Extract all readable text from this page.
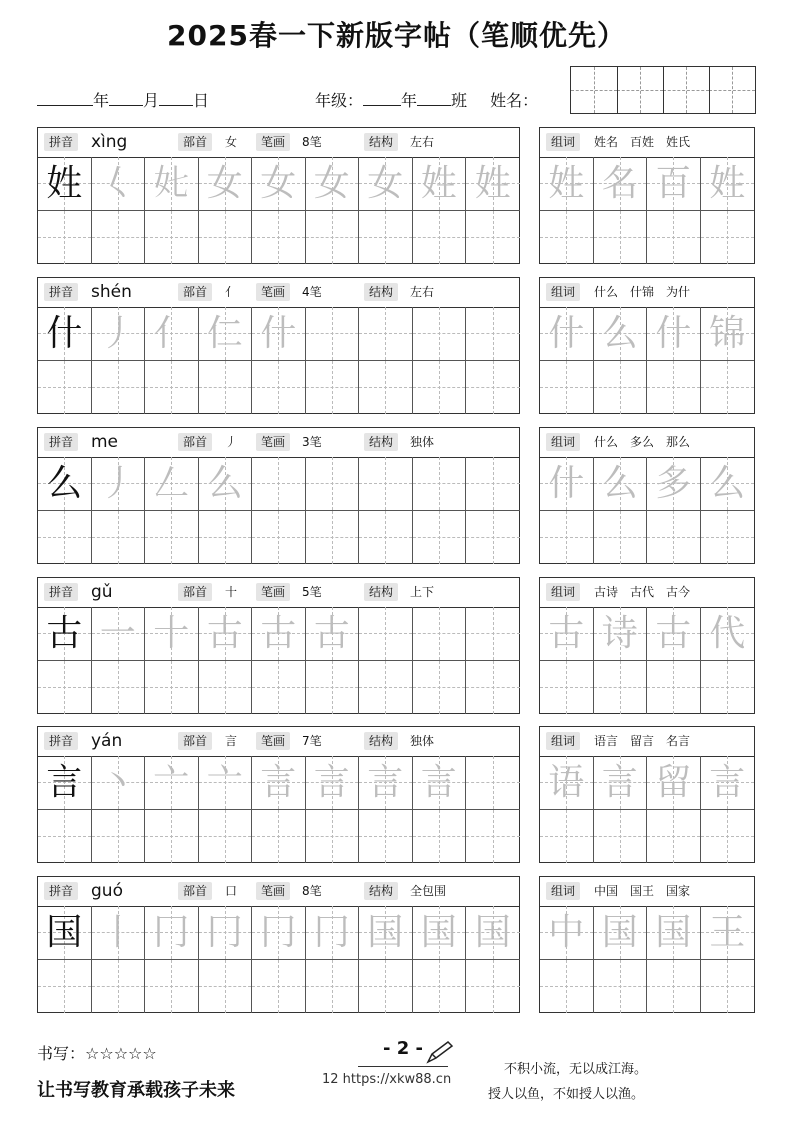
2025春一下新版字帖（笔顺优先）
年 月 日	年级： 年 班 姓名：
拼音 xìng	部首	女	笔画	8笔	结构	左右
姓 𡿨 𡚨 女 女 女 女 姓 姓
组词	姓名　百姓　姓氏
姓 名 百 姓
拼音 shén	部首	亻	笔画	4笔	结构	左右
什 丿 亻 仁 什
组词	什么　什锦　为什
什 么 什 锦
拼音 me	部首	丿	笔画	3笔	结构	独体
么 丿 𠃋 么
组词	什么　多么　那么
什 么 多 么
拼音 gǔ	部首	十	笔画	5笔	结构	上下
古 一 十 古 古 古
组词	古诗　古代　古今
古 诗 古 代
拼音 yán	部首	言	笔画	7笔	结构	独体
言 丶 亠 亠 言 言 言 言
组词	语言　留言　名言
语 言 留 言
拼音 guó	部首	口	笔画	8笔	结构	全包围
国 丨 冂 冂 冂 冂 国 国 国
组词	中国　国王　国家
中 国 国 王
书写：☆☆☆☆☆
让书写教育承载孩子未来
- 2 -
12 https://xkw88.cn
不积小流，无以成江海。
授人以鱼，不如授人以渔。
